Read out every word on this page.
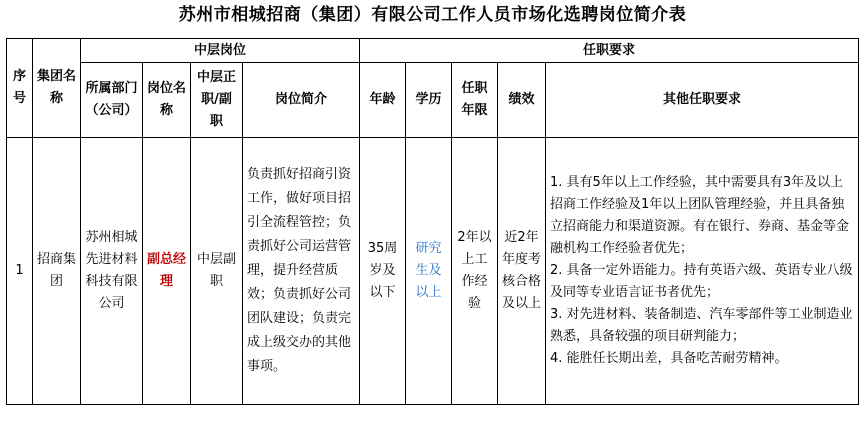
苏州市相城招商（集团）有限公司工作人员市场化选聘岗位简介表
序号	集团名称	中层岗位				任职要求				
		所属部门（公司）	岗位名称	中层正职/副职	岗位简介	年龄	学历	任职年限	绩效	其他任职要求
1	招商集团	苏州相城先进材料科技有限公司	副总经理	中层副职	负责抓好招商引资工作，做好项目招引全流程管控；负责抓好公司运营管理，提升经营质效；负责抓好公司团队建设；负责完成上级交办的其他事项。	35周岁及以下	研究生及以上	2年以上工作经验	近2年年度考核合格及以上	1. 具有5年以上工作经验，其中需要具有3年及以上招商工作经验及1年以上团队管理经验，并且具备独立招商能力和渠道资源。有在银行、券商、基金等金融机构工作经验者优先；

2. 具备一定外语能力。持有英语六级、英语专业八级及同等专业语言证书者优先；

3. 对先进材料、装备制造、汽车零部件等工业制造业熟悉，具备较强的项目研判能力；

4. 能胜任长期出差，具备吃苦耐劳精神。
